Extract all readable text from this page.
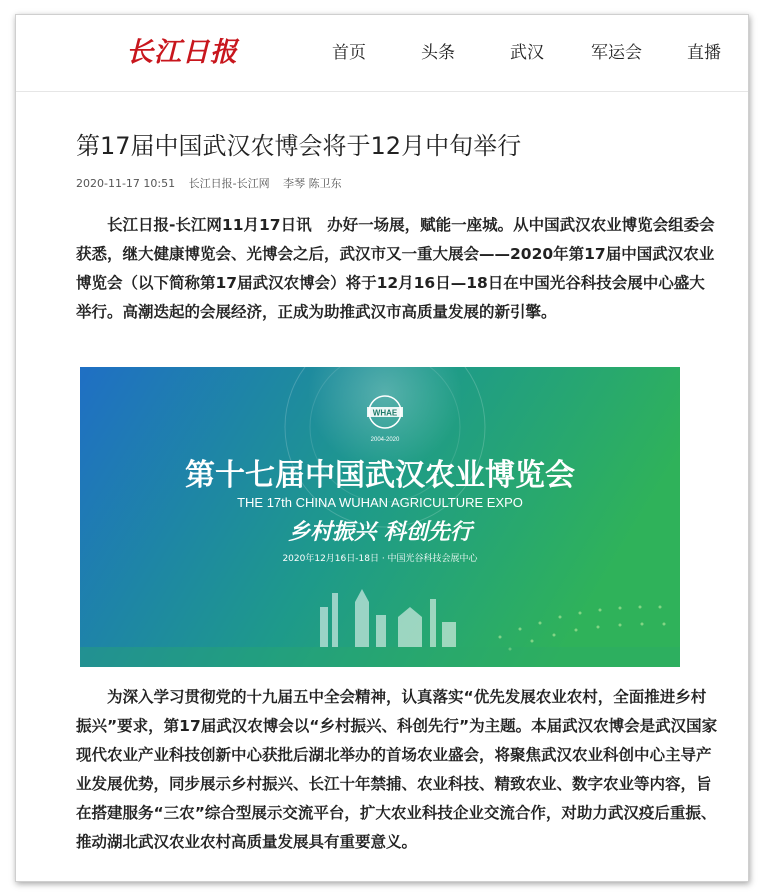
长江日报	首页	头条	武汉	军运会	直播
第17届中国武汉农博会将于12月中旬举行
2020-11-17 10:51 长江日报-长江网 李琴 陈卫东

长江日报-长江网11月17日讯　办好一场展，赋能一座城。从中国武汉农业博览会组委会获悉，继大健康博览会、光博会之后，武汉市又一重大展会——2020年第17届中国武汉农业博览会（以下简称第17届武汉农博会）将于12月16日—18日在中国光谷科技会展中心盛大举行。高潮迭起的会展经济，正成为助推武汉市高质量发展的新引擎。

WHAE
2004-2020
第十七届中国武汉农业博览会
THE 17th CHINA WUHAN AGRICULTURE EXPO
乡村振兴 科创先行
2020年12月16日-18日 · 中国光谷科技会展中心

为深入学习贯彻党的十九届五中全会精神，认真落实“优先发展农业农村，全面推进乡村振兴”要求，第17届武汉农博会以“乡村振兴、科创先行”为主题。本届武汉农博会是武汉国家现代农业产业科技创新中心获批后湖北举办的首场农业盛会，将聚焦武汉农业科创中心主导产业发展优势，同步展示乡村振兴、长江十年禁捕、农业科技、精致农业、数字农业等内容，旨在搭建服务“三农”综合型展示交流平台，扩大农业科技企业交流合作，对助力武汉疫后重振、推动湖北武汉农业农村高质量发展具有重要意义。
